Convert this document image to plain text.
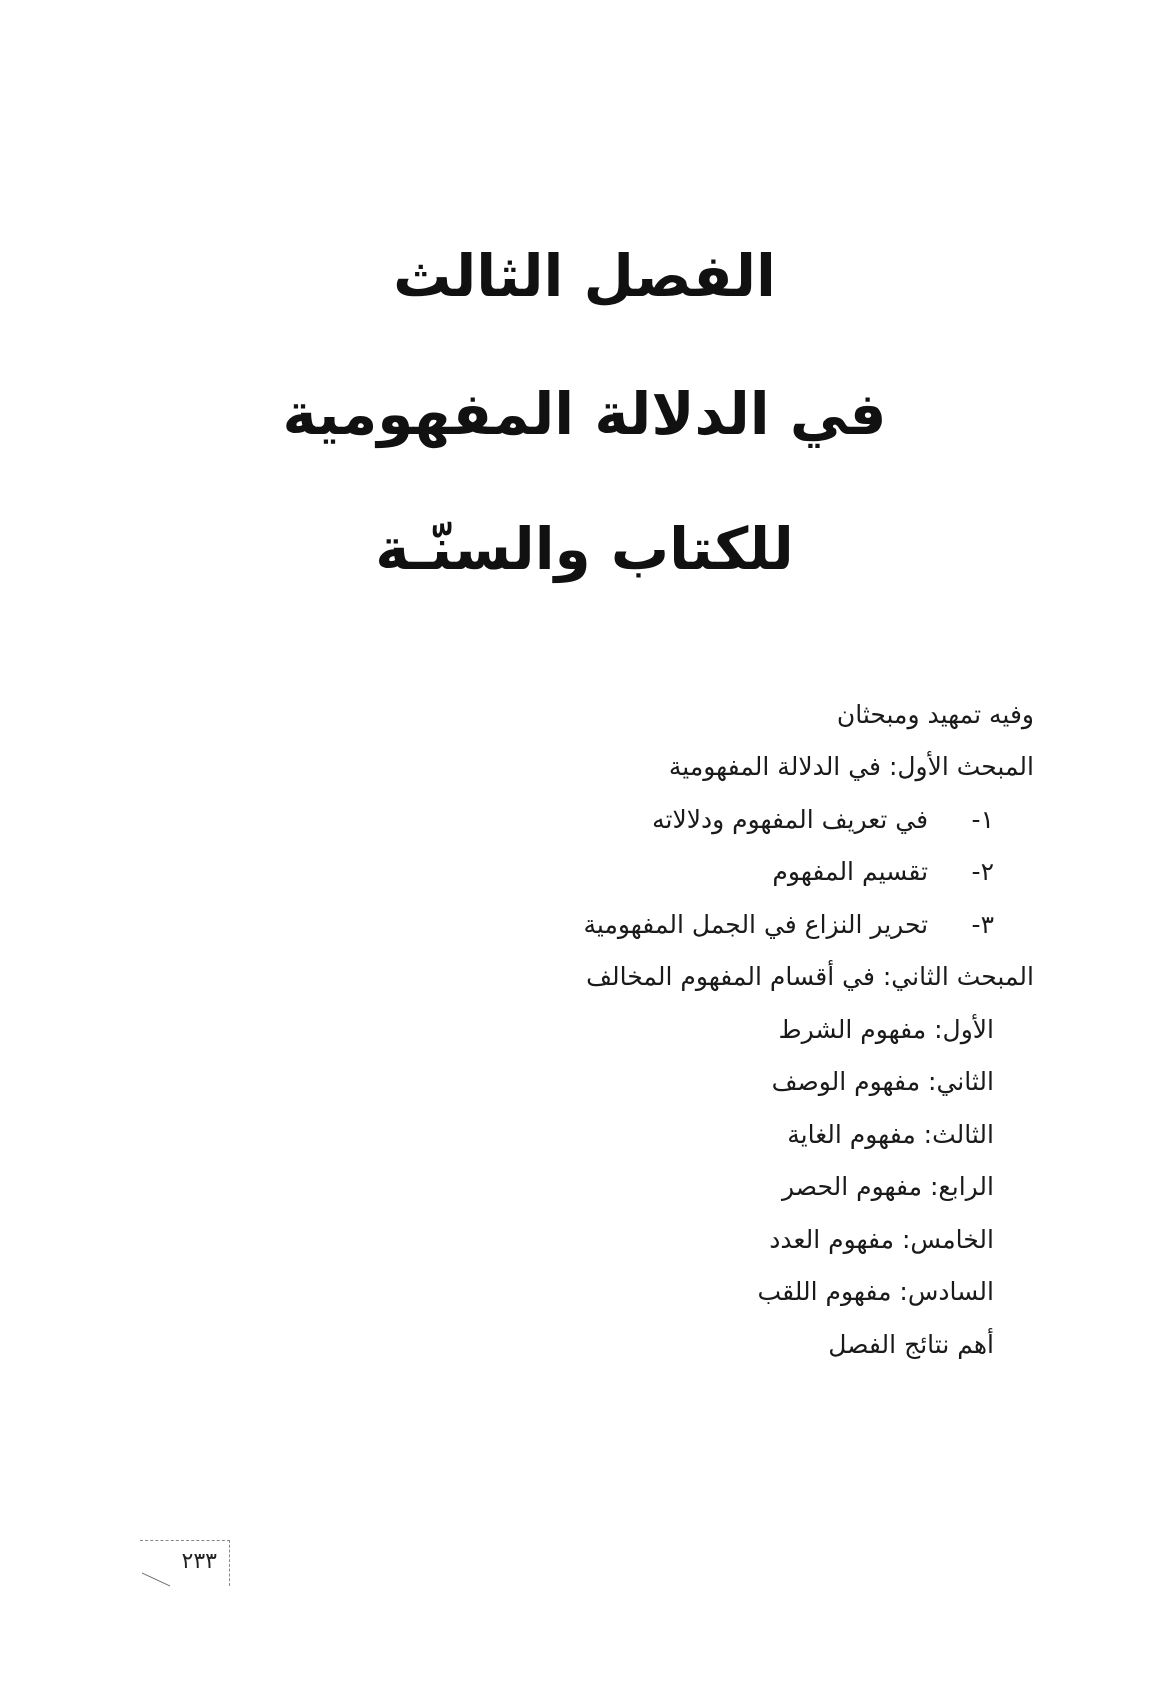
الفصل الثالث
في الدلالة المفهومية
للكتاب والسنّـة
وفيه تمهيد ومبحثان
المبحث الأول: في الدلالة المفهومية
١- في تعريف المفهوم ودلالاته
٢- تقسيم المفهوم
٣- تحرير النزاع في الجمل المفهومية
المبحث الثاني: في أقسام المفهوم المخالف
الأول: مفهوم الشرط
الثاني: مفهوم الوصف
الثالث: مفهوم الغاية
الرابع: مفهوم الحصر
الخامس: مفهوم العدد
السادس: مفهوم اللقب
أهم نتائج الفصل
٢٣٣
